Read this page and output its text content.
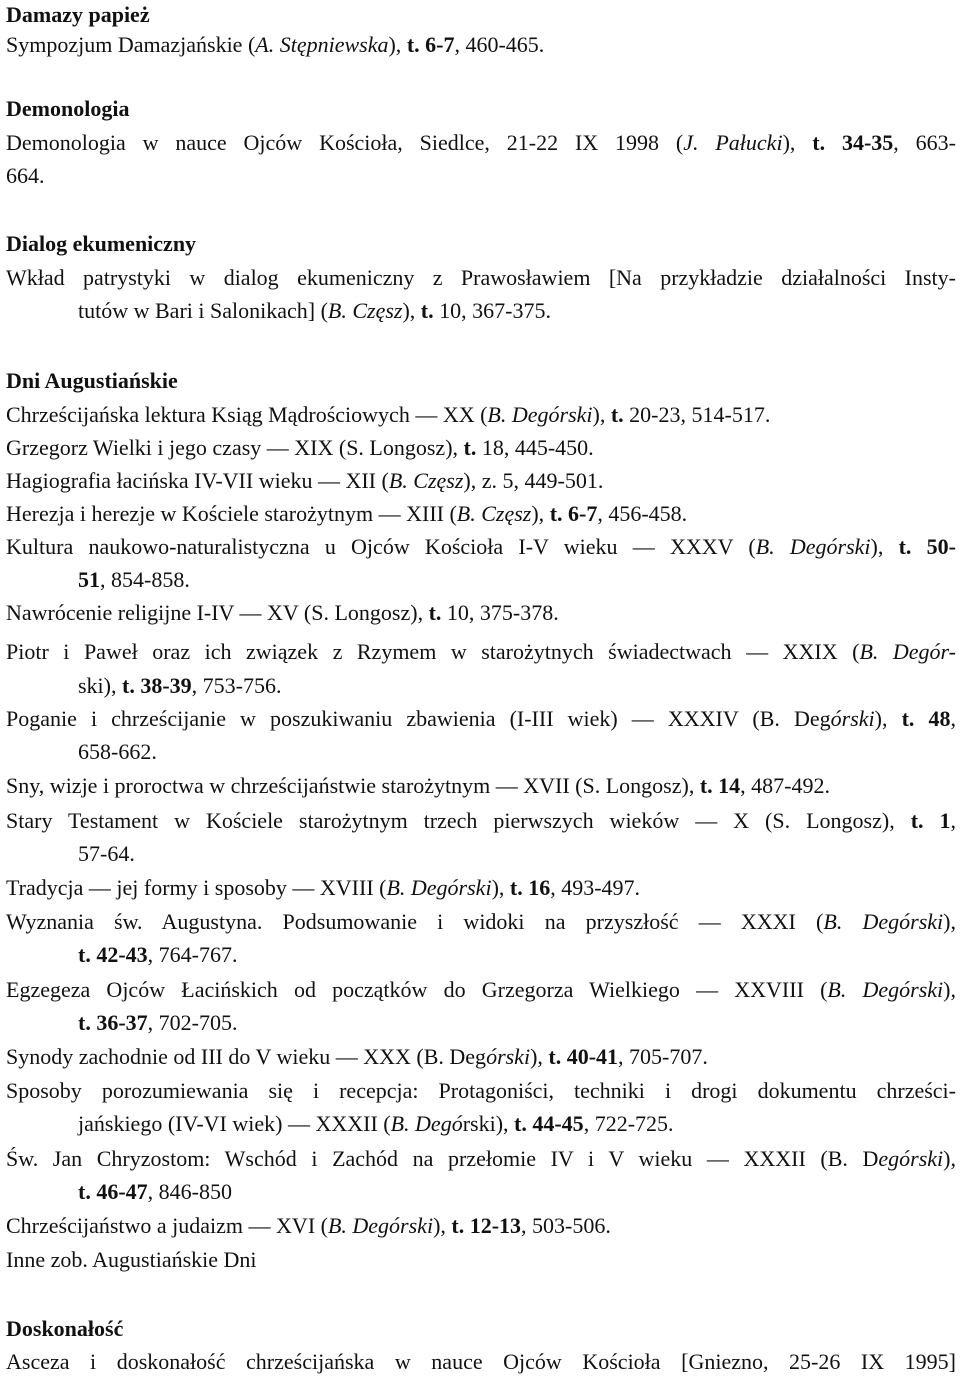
Damazy papież
Sympozjum Damazjańskie (A. Stępniewska), t. 6-7, 460-465.
Demonologia
Demonologia w nauce Ojców Kościoła, Siedlce, 21-22 IX 1998 (J. Pałucki), t. 34-35, 663-
664.
Dialog ekumeniczny
Wkład patrystyki w dialog ekumeniczny z Prawosławiem [Na przykładzie działalności Insty-
tutów w Bari i Salonikach] (B. Częsz), t. 10, 367-375.
Dni Augustiańskie
Chrześcijańska lektura Ksiąg Mądrościowych ― XX (B. Degórski), t. 20-23, 514-517.
Grzegorz Wielki i jego czasy ― XIX (S. Longosz), t. 18, 445-450.
Hagiografia łacińska IV-VII wieku ― XII (B. Częsz), z. 5, 449-501.
Herezja i herezje w Kościele starożytnym ― XIII (B. Częsz), t. 6-7, 456-458.
Kultura naukowo-naturalistyczna u Ojców Kościoła I-V wieku ― XXXV (B. Degórski), t. 50-
51, 854-858.
Nawrócenie religijne I-IV ― XV (S. Longosz), t. 10, 375-378.
Piotr i Paweł oraz ich związek z Rzymem w starożytnych świadectwach ― XXIX (B. Degór-
ski), t. 38-39, 753-756.
Poganie i chrześcijanie w poszukiwaniu zbawienia (I-III wiek) ― XXXIV (B. Degórski), t. 48,
658-662.
Sny, wizje i proroctwa w chrześcijaństwie starożytnym ― XVII (S. Longosz), t. 14, 487-492.
Stary Testament w Kościele starożytnym trzech pierwszych wieków ― X (S. Longosz), t. 1,
57-64.
Tradycja ― jej formy i sposoby ― XVIII (B. Degórski), t. 16, 493-497.
Wyznania św. Augustyna. Podsumowanie i widoki na przyszłość ― XXXI (B. Degórski),
t. 42-43, 764-767.
Egzegeza Ojców Łacińskich od początków do Grzegorza Wielkiego ― XXVIII (B. Degórski),
t. 36-37, 702-705.
Synody zachodnie od III do V wieku ― XXX (B. Degórski), t. 40-41, 705-707.
Sposoby porozumiewania się i recepcja: Protagoniści, techniki i drogi dokumentu chrześci-
jańskiego (IV-VI wiek) ― XXXII (B. Degórski), t. 44-45, 722-725.
Św. Jan Chryzostom: Wschód i Zachód na przełomie IV i V wieku ― XXXII (B. Degórski),
t. 46-47, 846-850
Chrześcijaństwo a judaizm ― XVI (B. Degórski), t. 12-13, 503-506.
Inne zob. Augustiańskie Dni
Doskonałość
Asceza i doskonałość chrześcijańska w nauce Ojców Kościoła [Gniezno, 25-26 IX 1995]
